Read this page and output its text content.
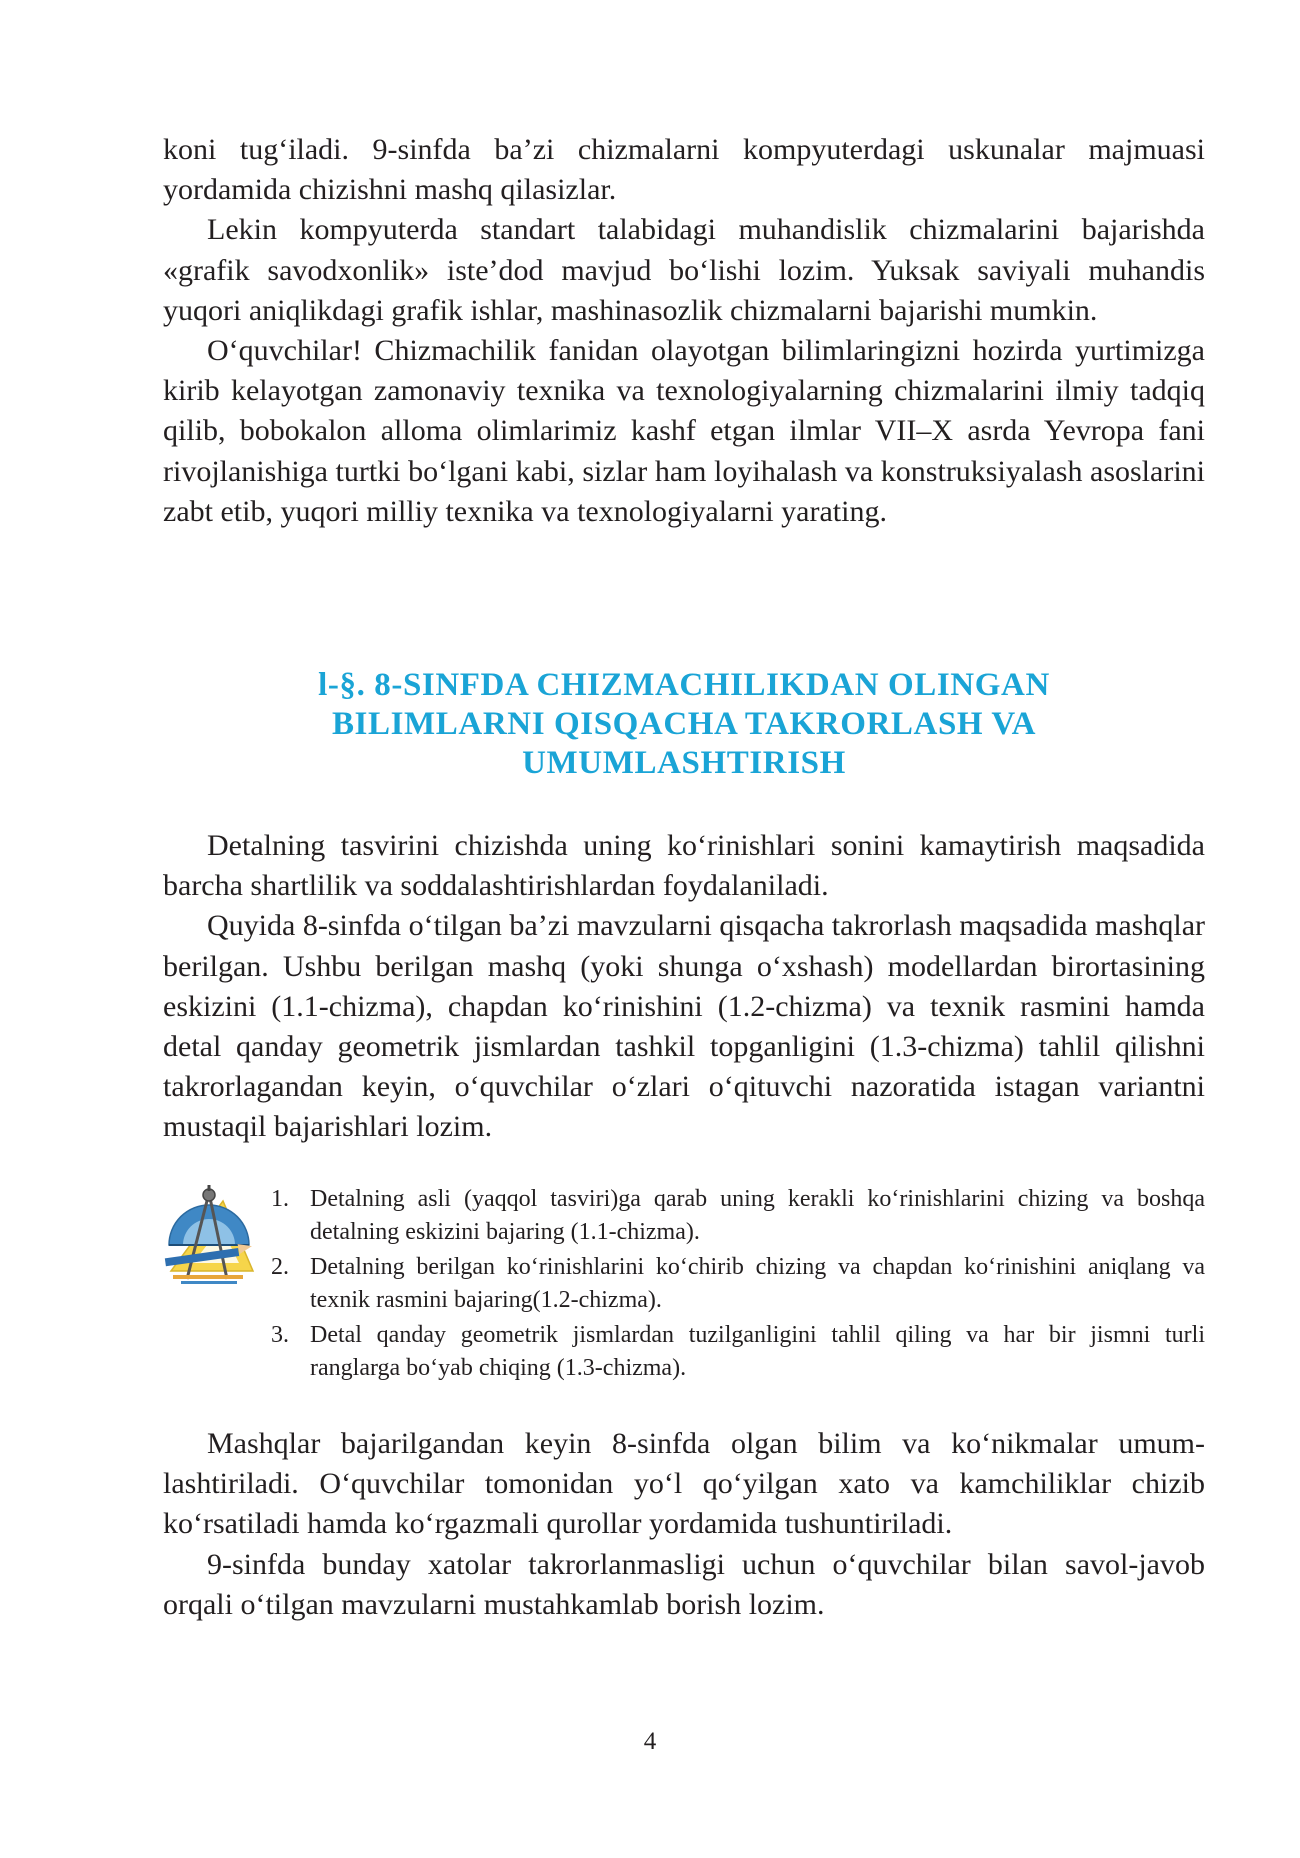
koni tug‘iladi. 9-sinfda ba’zi chizmalarni kompyuterdagi uskunalar majmuasi yordamida chizishni mashq qilasizlar.

Lekin kompyuterda standart talabidagi muhandislik chizmalarini bajarishda «grafik savodxonlik» iste’dod mavjud bo‘lishi lozim. Yuksak saviyali muhandis yuqori aniqlikdagi grafik ishlar, mashinasozlik chizmalarni bajarishi mumkin.

O‘quvchilar! Chizmachilik fanidan olayotgan bilimlaringizni hozirda yurtimizga kirib kelayotgan zamonaviy texnika va texnologiyalarning chizmalarini ilmiy tadqiq qilib, bobokalon alloma olimlarimiz kashf etgan ilmlar VII–X asrda Yevropa fani rivojlanishiga turtki bo‘lgani kabi, sizlar ham loyihalash va konstruksiyalash asoslarini zabt etib, yuqori milliy texnika va texnologiyalarni yarating.

l-§. 8-SINFDA CHIZMACHILIKDAN OLINGAN
BILIMLARNI QISQACHA TAKRORLASH VA
UMUMLASHTIRISH

Detalning tasvirini chizishda uning ko‘rinishlari sonini kamaytirish maqsadida barcha shartlilik va soddalashtirishlardan foydalaniladi.

Quyida 8-sinfda o‘tilgan ba’zi mavzularni qisqacha takrorlash maqsadida mashqlar berilgan. Ushbu berilgan mashq (yoki shunga o‘xshash) modellardan birortasining eskizini (1.1-chizma), chapdan ko‘rinishini (1.2-chizma) va texnik rasmini hamda detal qanday geometrik jismlardan tashkil topganligini (1.3-chizma) tahlil qilishni takrorlagandan keyin, o‘quvchilar o‘zlari o‘qituvchi nazoratida istagan variantni mustaqil bajarishlari lozim.

1. Detalning asli (yaqqol tasviri)ga qarab uning kerakli ko‘rinishlarini chizing va boshqa detalning eskizini bajaring (1.1-chizma).
2. Detalning berilgan ko‘rinishlarini ko‘chirib chizing va chapdan ko‘rinishini aniqlang va texnik rasmini bajaring(1.2-chizma).
3. Detal qanday geometrik jismlardan tuzilganligini tahlil qiling va har bir jismni turli ranglarga bo‘yab chiqing (1.3-chizma).

Mashqlar bajarilgandan keyin 8-sinfda olgan bilim va ko‘nikmalar umumlashtiriladi. O‘quvchilar tomonidan yo‘l qo‘yilgan xato va kamchiliklar chizib ko‘rsatiladi hamda ko‘rgazmali qurollar yordamida tushuntiriladi.

9-sinfda bunday xatolar takrorlanmasligi uchun o‘quvchilar bilan savol-javob orqali o‘tilgan mavzularni mustahkamlab borish lozim.

4
